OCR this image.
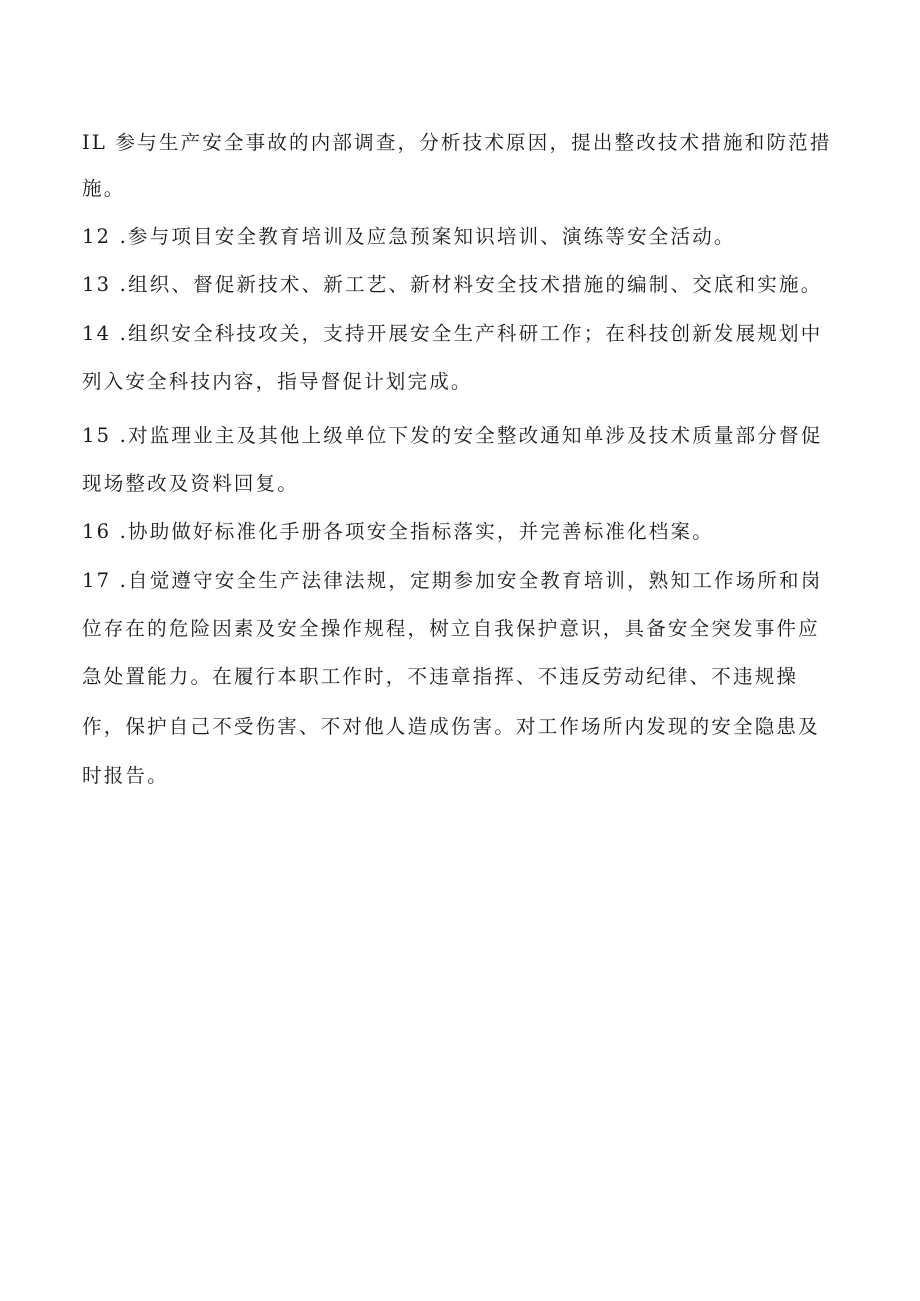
IL 参与生产安全事故的内部调查，分析技术原因，提出整改技术措施和防范措
施。
12 .参与项目安全教育培训及应急预案知识培训、演练等安全活动。
13 .组织、督促新技术、新工艺、新材料安全技术措施的编制、交底和实施。
14 .组织安全科技攻关，支持开展安全生产科研工作；在科技创新发展规划中
列入安全科技内容，指导督促计划完成。
15 .对监理业主及其他上级单位下发的安全整改通知单涉及技术质量部分督促
现场整改及资料回复。
16 .协助做好标准化手册各项安全指标落实，并完善标准化档案。
17 .自觉遵守安全生产法律法规，定期参加安全教育培训，熟知工作场所和岗
位存在的危险因素及安全操作规程，树立自我保护意识，具备安全突发事件应
急处置能力。在履行本职工作时，不违章指挥、不违反劳动纪律、不违规操
作，保护自己不受伤害、不对他人造成伤害。对工作场所内发现的安全隐患及
时报告。
